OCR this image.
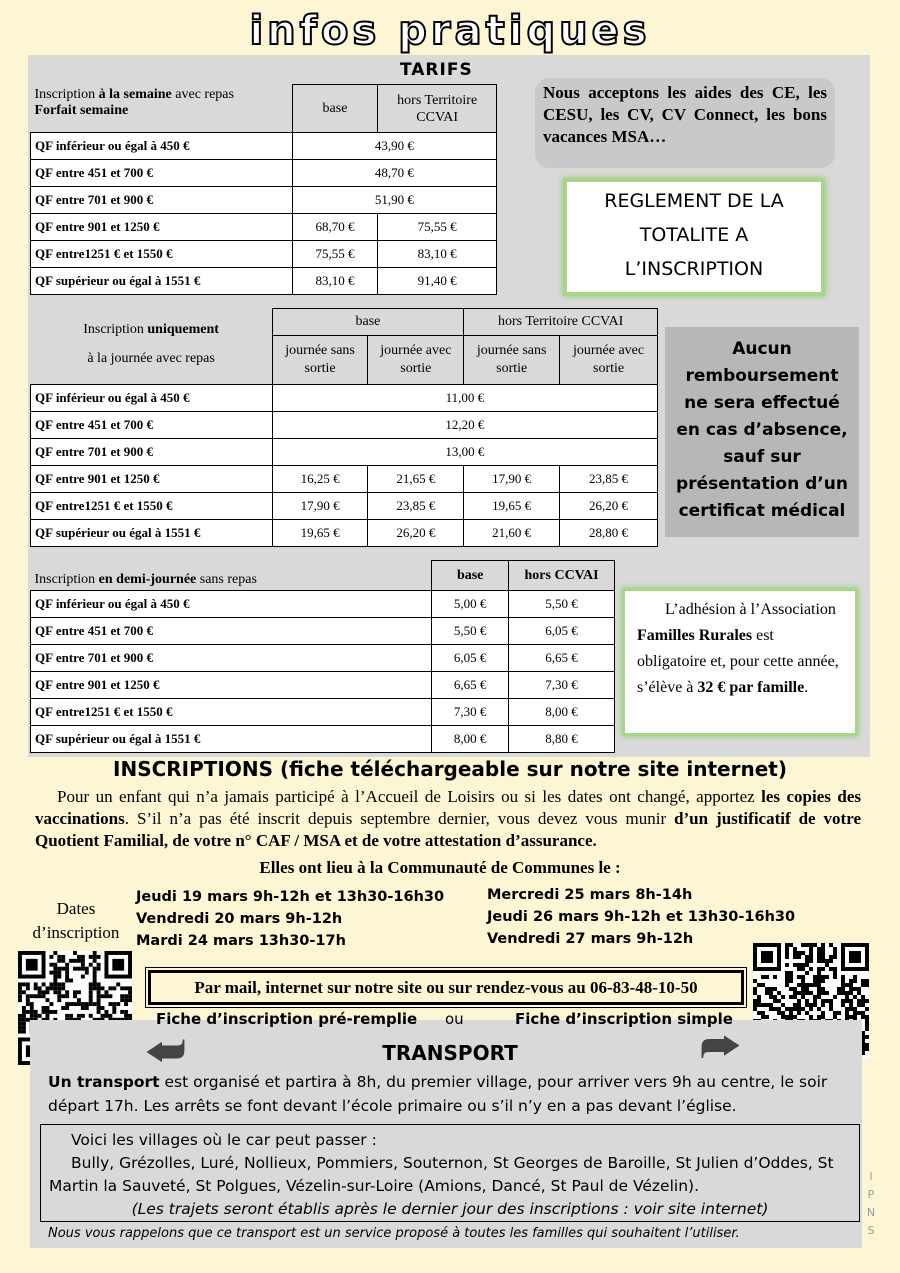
infos pratiques
TARIFS
Inscription à la semaine avec repas
Forfait semaine	base	hors Territoire CCVAI
QF inférieur ou égal à 450 €	43,90 €	
QF entre 451 et 700 €	48,70 €	
QF entre 701 et 900 €	51,90 €	
QF entre 901 et 1250 €	68,70 €	75,55 €
QF entre1251 € et 1550 €	75,55 €	83,10 €
QF supérieur ou égal à 1551 €	83,10 €	91,40 €
Inscription uniquement
à la journée avec repas	base		hors Territoire CCVAI	
	journée sans sortie	journée avec sortie	journée sans sortie	journée avec sortie
QF inférieur ou égal à 450 €	11,00 €			
QF entre 451 et 700 €	12,20 €			
QF entre 701 et 900 €	13,00 €			
QF entre 901 et 1250 €	16,25 €	21,65 €	17,90 €	23,85 €
QF entre1251 € et 1550 €	17,90 €	23,85 €	19,65 €	26,20 €
QF supérieur ou égal à 1551 €	19,65 €	26,20 €	21,60 €	28,80 €
Inscription en demi-journée sans repas	base	hors CCVAI
QF inférieur ou égal à 450 €	5,00 €	5,50 €
QF entre 451 et 700 €	5,50 €	6,05 €
QF entre 701 et 900 €	6,05 €	6,65 €
QF entre 901 et 1250 €	6,65 €	7,30 €
QF entre1251 € et 1550 €	7,30 €	8,00 €
QF supérieur ou égal à 1551 €	8,00 €	8,80 €
Nous acceptons les aides des CE, les CESU, les CV, CV Connect, les bons vacances MSA…
REGLEMENT DE LA
TOTALITE A
L’INSCRIPTION
Aucun
remboursement
ne sera effectué
en cas d’absence,
sauf sur
présentation d’un
certificat médical
L’adhésion à l’Association Familles Rurales est obligatoire et, pour cette année, s’élève à 32 € par famille.
INSCRIPTIONS (fiche téléchargeable sur notre site internet)
Pour un enfant qui n’a jamais participé à l’Accueil de Loisirs ou si les dates ont changé, apportez les copies des vaccinations. S’il n’a pas été inscrit depuis septembre dernier, vous devez vous munir d’un justificatif de votre Quotient Familial, de votre n° CAF / MSA et de votre attestation d’assurance.
Elles ont lieu à la Communauté de Communes le :
Dates d’inscription
Jeudi 19 mars 9h-12h et 13h30-16h30
Vendredi 20 mars 9h-12h
Mardi 24 mars 13h30-17h
Mercredi 25 mars 8h-14h
Jeudi 26 mars 9h-12h et 13h30-16h30
Vendredi 27 mars 9h-12h
Par mail, internet sur notre site ou sur rendez-vous au 06-83-48-10-50
Fiche d’inscription pré-remplie ou	Fiche d’inscription simple
⮨	⮫
TRANSPORT
Un transport est organisé et partira à 8h, du premier village, pour arriver vers 9h au centre, le soir départ 17h. Les arrêts se font devant l’école primaire ou s’il n’y en a pas devant l’église.
Voici les villages où le car peut passer :
Bully, Grézolles, Luré, Nollieux, Pommiers, Souternon, St Georges de Baroille, St Julien d’Oddes, St Martin la Sauveté, St Polgues, Vézelin-sur-Loire (Amions, Dancé, St Paul de Vézelin).
(Les trajets seront établis après le dernier jour des inscriptions : voir site internet)
Nous vous rappelons que ce transport est un service proposé à toutes les familles qui souhaitent l’utiliser.
I
P
N
S
